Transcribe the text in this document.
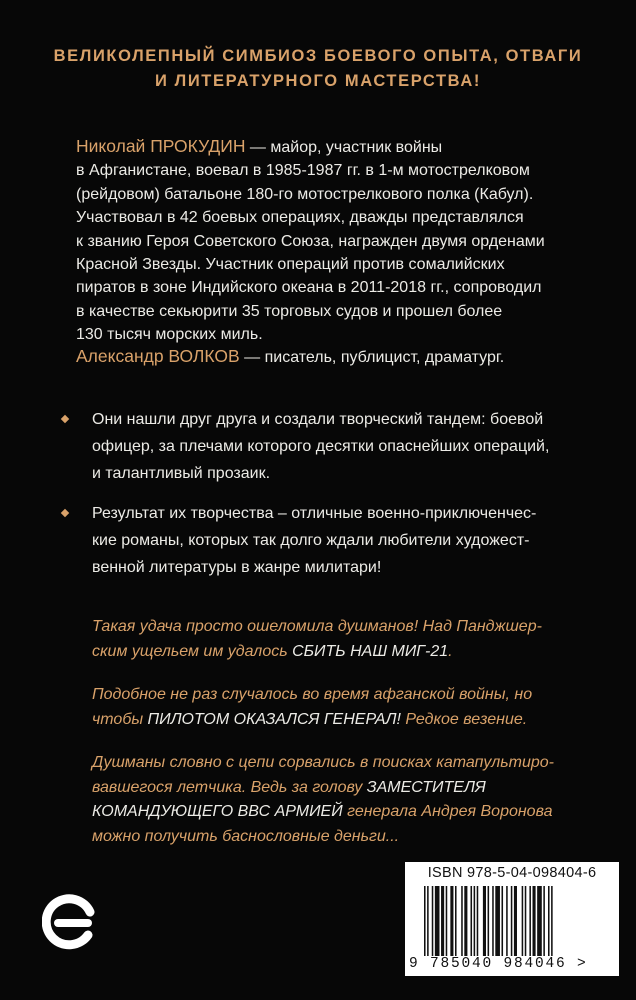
ВЕЛИКОЛЕПНЫЙ СИМБИОЗ БОЕВОГО ОПЫТА, ОТВАГИ
И ЛИТЕРАТУРНОГО МАСТЕРСТВА!
Николай ПРОКУДИН — майор, участник войны
в Афганистане, воевал в 1985-1987 гг. в 1-м мотострелковом
(рейдовом) батальоне 180-го мотострелкового полка (Кабул).
Участвовал в 42 боевых операциях, дважды представлялся
к званию Героя Советского Союза, награжден двумя орденами
Красной Звезды. Участник операций против сомалийских
пиратов в зоне Индийского океана в 2011-2018 гг., сопроводил
в качестве секьюрити 35 торговых судов и прошел более
130 тысяч морских миль.
Александр ВОЛКОВ — писатель, публицист, драматург.
Они нашли друг друга и создали творческий тандем: боевой
офицер, за плечами которого десятки опаснейших операций,
и талантливый прозаик.
Результат их творчества – отличные военно-приключенчес-
кие романы, которых так долго ждали любители художест-
венной литературы в жанре милитари!
Такая удача просто ошеломила душманов! Над Панджшер-
ским ущельем им удалось СБИТЬ НАШ МИГ-21.
Подобное не раз случалось во время афганской войны, но
чтобы ПИЛОТОМ ОКАЗАЛСЯ ГЕНЕРАЛ! Редкое везение.
Душманы словно с цепи сорвались в поисках катапультиро-
вавшегося летчика. Ведь за голову ЗАМЕСТИТЕЛЯ
КОМАНДУЮЩЕГО ВВС АРМИЕЙ генерала Андрея Воронова
можно получить баснословные деньги...
ISBN 978-5-04-098404-6
9 785040 984046 >
